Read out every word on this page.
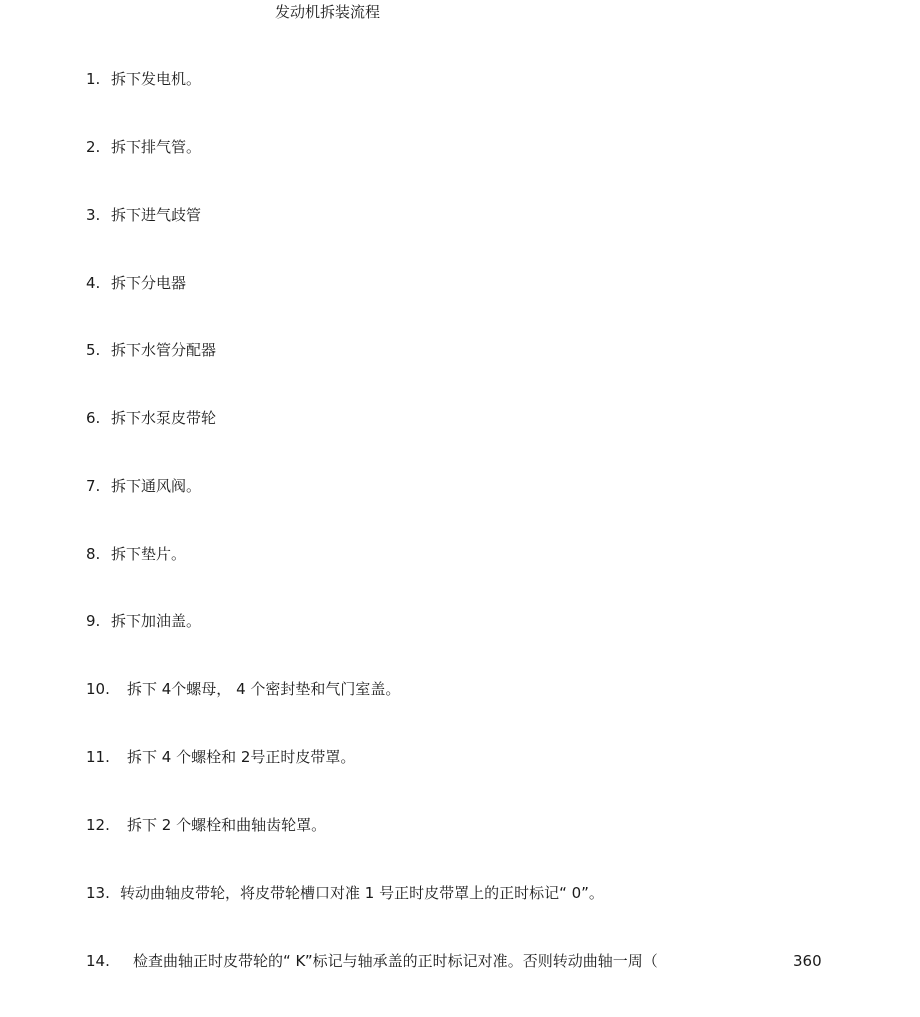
发动机拆装流程
1. 拆下发电机。
2. 拆下排气管。
3. 拆下进气歧管
4. 拆下分电器
5. 拆下水管分配器
6. 拆下水泵皮带轮
7. 拆下通风阀。
8. 拆下垫片。
9. 拆下加油盖。
10. 拆下 4个螺母， 4 个密封垫和气门室盖。
11. 拆下 4 个螺栓和 2号正时皮带罩。
12. 拆下 2 个螺栓和曲轴齿轮罩。
13. 转动曲轴皮带轮，将皮带轮槽口对准 1 号正时皮带罩上的正时标记“ 0”。
14. 检查曲轴正时皮带轮的“ K”标记与轴承盖的正时标记对准。否则转动曲轴一周（	360
